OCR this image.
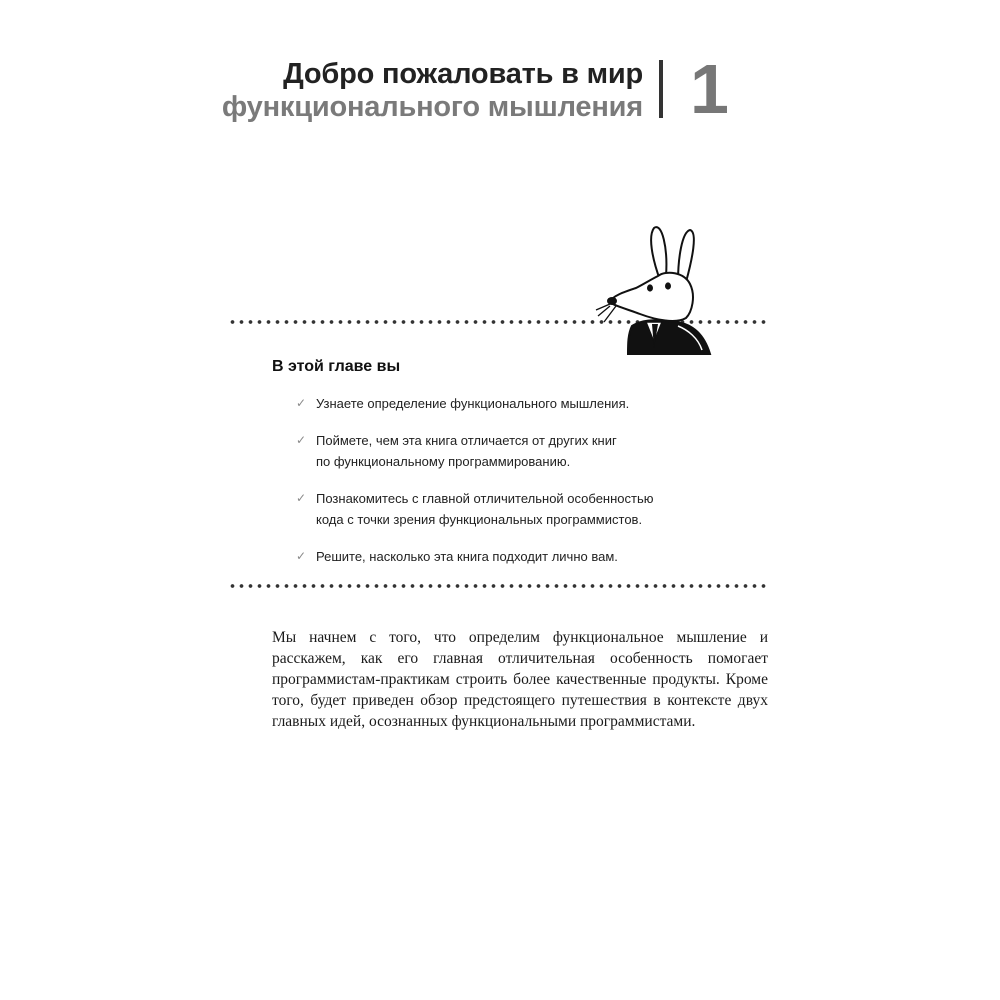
Добро пожаловать в мир
функционального мышления 1
В этой главе вы
✓ Узнаете определение функционального мышления.
✓ Поймете, чем эта книга отличается от других книг
по функциональному программированию.
✓ Познакомитесь с главной отличительной особенностью
кода с точки зрения функциональных программистов.
✓ Решите, насколько эта книга подходит лично вам.

Мы начнем с того, что определим функциональное мышление и расскажем, как его главная отличительная особенность помогает программистам-практикам строить более качественные продукты. Кроме того, будет приведен обзор предстоящего путешествия в контексте двух главных идей, осознанных функциональными программистами.
